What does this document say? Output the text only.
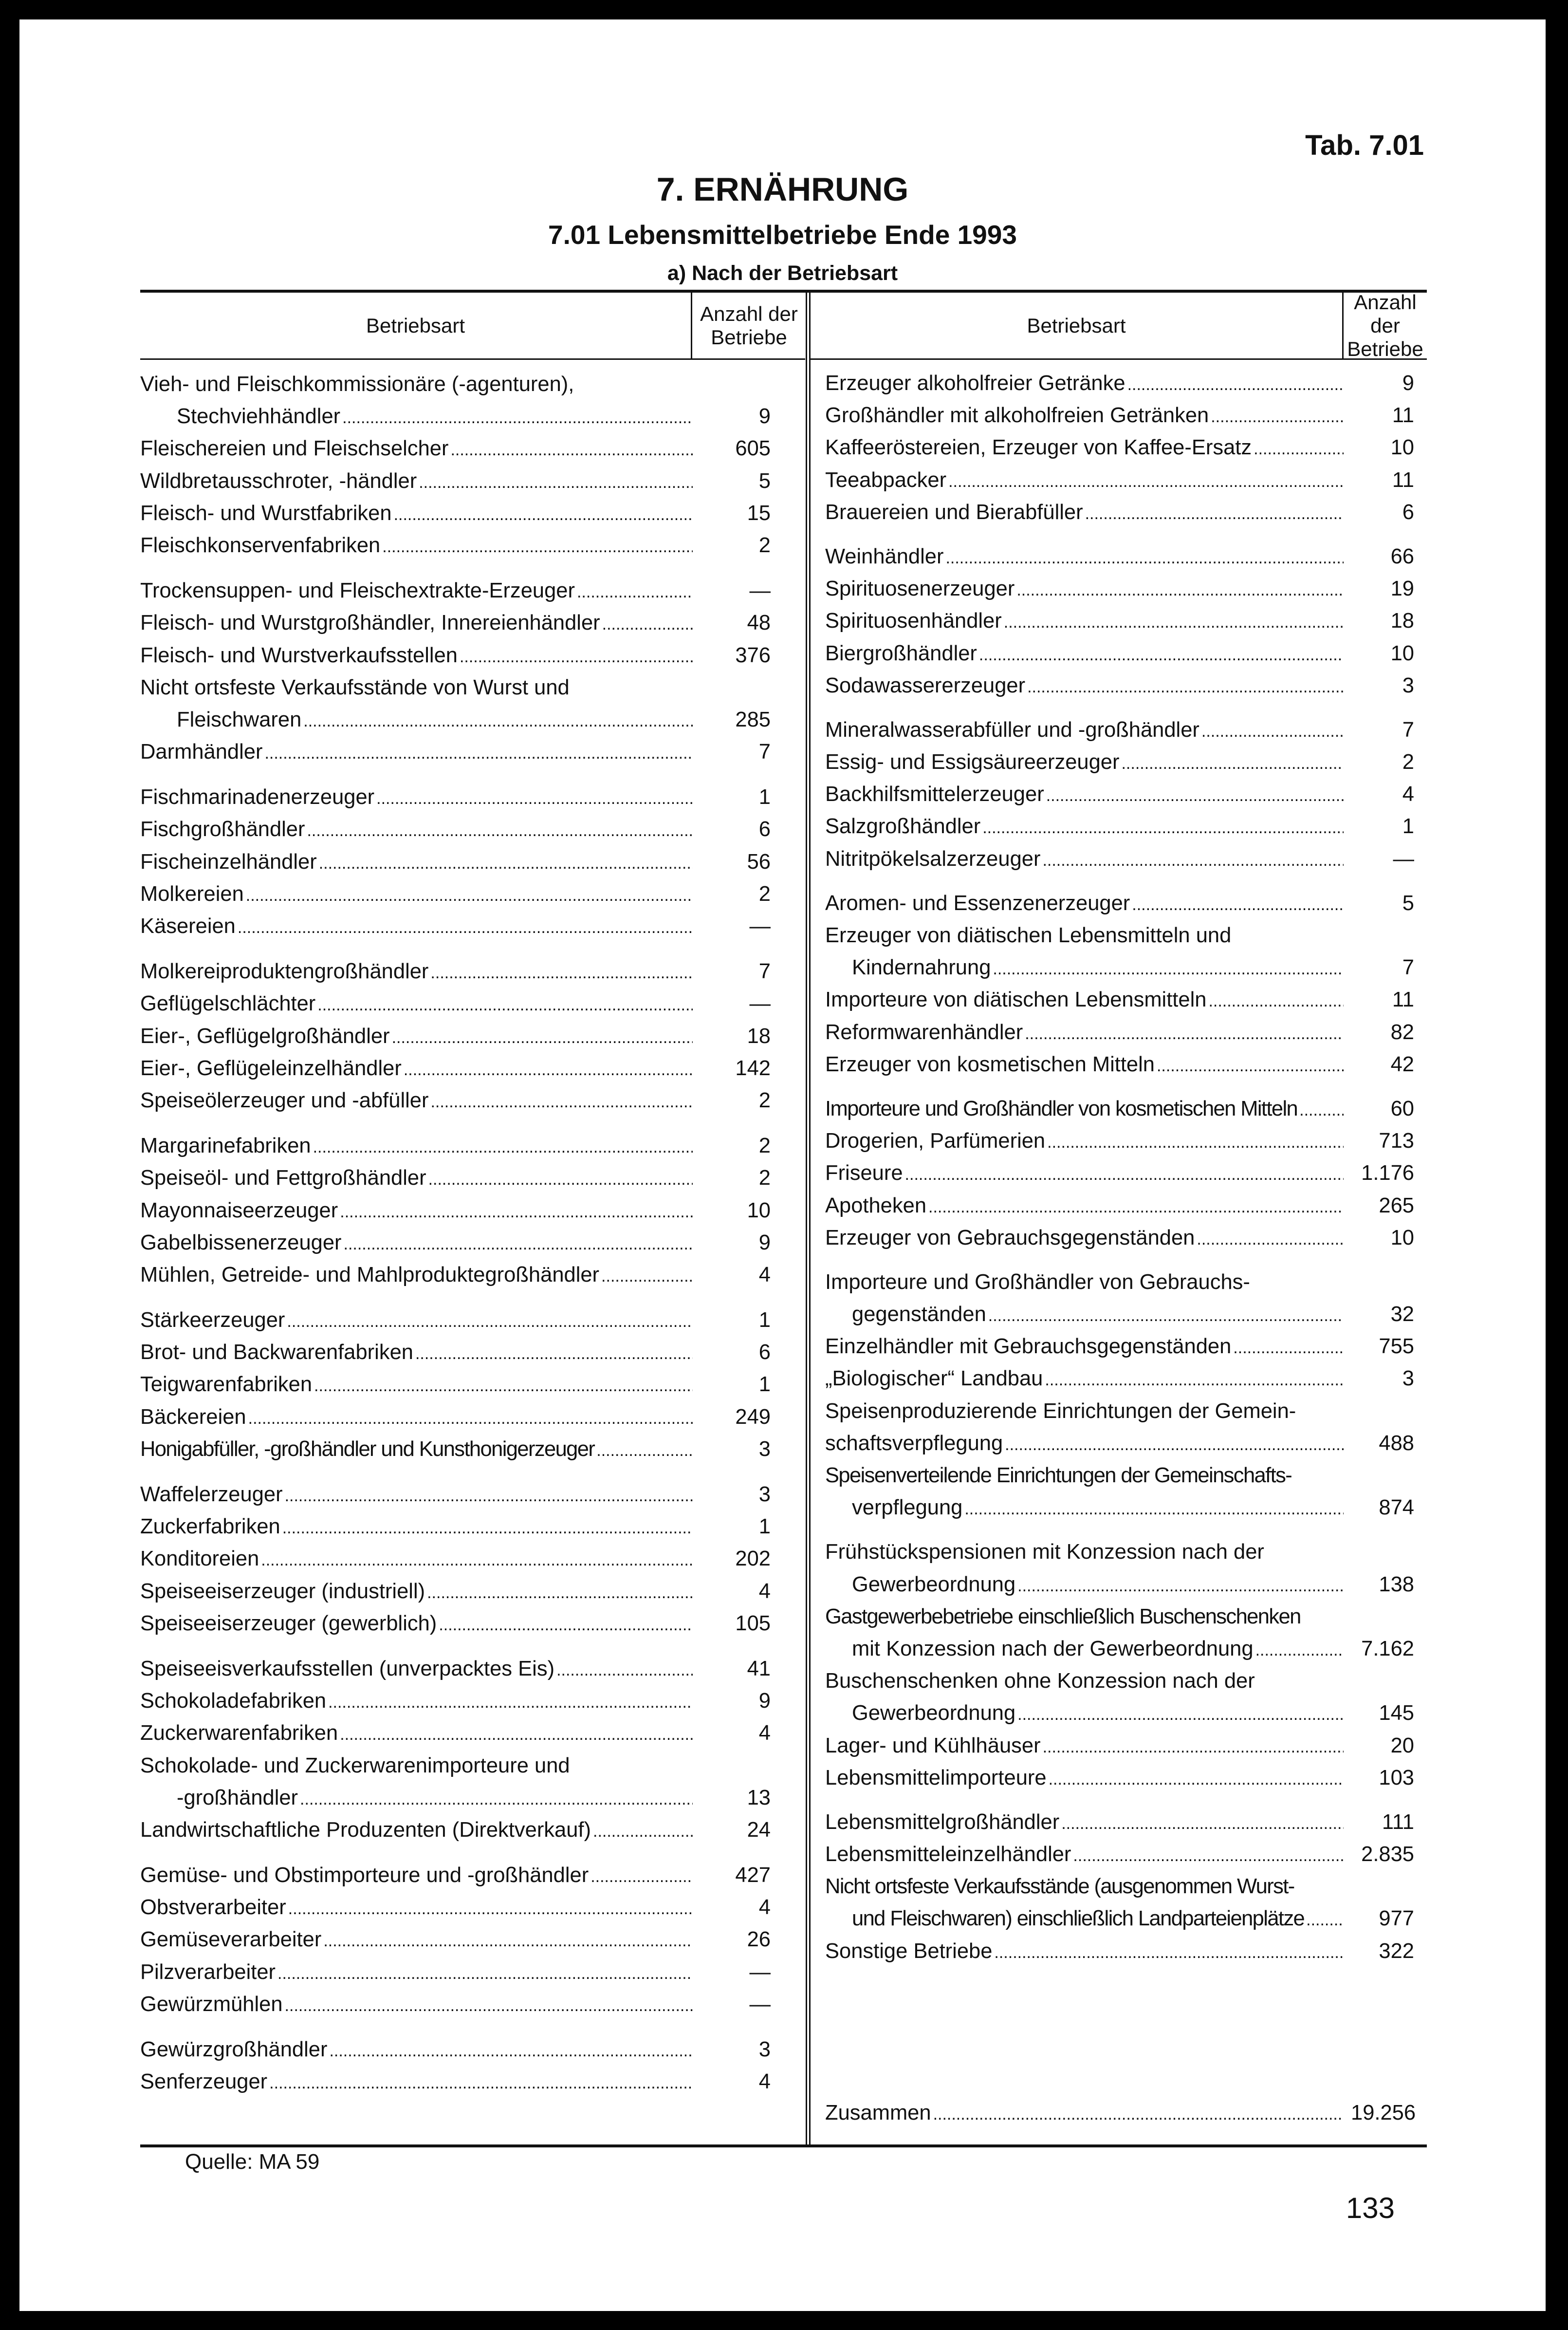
Tab. 7.01
7. ERNÄHRUNG
7.01 Lebensmittelbetriebe Ende 1993
a) Nach der Betriebsart
Betriebsart
Anzahl der
Betriebe
Betriebsart
Anzahl der
Betriebe
Vieh- und Fleischkommissionäre (-agenturen),
Stechviehhändler .....	9
Fleischereien und Fleischselcher .....	605
Wildbretausschroter, -händler .....	5
Fleisch- und Wurstfabriken .....	15
Fleischkonservenfabriken .....	2
Trockensuppen- und Fleischextrakte-Erzeuger .....	—
Fleisch- und Wurstgroßhändler, Innereienhändler .....	48
Fleisch- und Wurstverkaufsstellen .....	376
Nicht ortsfeste Verkaufsstände von Wurst und
Fleischwaren .....	285
Darmhändler .....	7
Fischmarinadenerzeuger .....	1
Fischgroßhändler .....	6
Fischeinzelhändler .....	56
Molkereien .....	2
Käsereien .....	—
Molkereiproduktengroßhändler .....	7
Geflügelschlächter .....	—
Eier-, Geflügelgroßhändler .....	18
Eier-, Geflügeleinzelhändler .....	142
Speiseölerzeuger und -abfüller .....	2
Margarinefabriken .....	2
Speiseöl- und Fettgroßhändler .....	2
Mayonnaiseerzeuger .....	10
Gabelbissenerzeuger .....	9
Mühlen, Getreide- und Mahlproduktegroßhändler .....	4
Stärkeerzeuger .....	1
Brot- und Backwarenfabriken .....	6
Teigwarenfabriken .....	1
Bäckereien .....	249
Honigabfüller, -großhändler und Kunsthonigerzeuger .....	3
Waffelerzeuger .....	3
Zuckerfabriken .....	1
Konditoreien .....	202
Speiseeiserzeuger (industriell) .....	4
Speiseeiserzeuger (gewerblich) .....	105
Speiseeisverkaufsstellen (unverpacktes Eis) .....	41
Schokoladefabriken .....	9
Zuckerwarenfabriken .....	4
Schokolade- und Zuckerwarenimporteure und
-großhändler .....	13
Landwirtschaftliche Produzenten (Direktverkauf) .....	24
Gemüse- und Obstimporteure und -großhändler .....	427
Obstverarbeiter .....	4
Gemüseverarbeiter .....	26
Pilzverarbeiter .....	—
Gewürzmühlen .....	—
Gewürzgroßhändler .....	3
Senferzeuger .....	4
Erzeuger alkoholfreier Getränke .....	9
Großhändler mit alkoholfreien Getränken .....	11
Kaffeeröstereien, Erzeuger von Kaffee-Ersatz .....	10
Teeabpacker .....	11
Brauereien und Bierabfüller .....	6
Weinhändler .....	66
Spirituosenerzeuger .....	19
Spirituosenhändler .....	18
Biergroßhändler .....	10
Sodawassererzeuger .....	3
Mineralwasserabfüller und -großhändler .....	7
Essig- und Essigsäureerzeuger .....	2
Backhilfsmittelerzeuger .....	4
Salzgroßhändler .....	1
Nitritpökelsalzerzeuger .....	—
Aromen- und Essenzenerzeuger .....	5
Erzeuger von diätischen Lebensmitteln und
Kindernahrung .....	7
Importeure von diätischen Lebensmitteln .....	11
Reformwarenhändler .....	82
Erzeuger von kosmetischen Mitteln .....	42
Importeure und Großhändler von kosmetischen Mitteln .....	60
Drogerien, Parfümerien .....	713
Friseure .....	1.176
Apotheken .....	265
Erzeuger von Gebrauchsgegenständen .....	10
Importeure und Großhändler von Gebrauchs-
gegenständen .....	32
Einzelhändler mit Gebrauchsgegenständen .....	755
„Biologischer“ Landbau .....	3
Speisenproduzierende Einrichtungen der Gemein-
schaftsverpflegung .....	488
Speisenverteilende Einrichtungen der Gemeinschafts-
verpflegung .....	874
Frühstückspensionen mit Konzession nach der
Gewerbeordnung .....	138
Gastgewerbebetriebe einschließlich Buschenschenken
mit Konzession nach der Gewerbeordnung .....	7.162
Buschenschenken ohne Konzession nach der
Gewerbeordnung .....	145
Lager- und Kühlhäuser .....	20
Lebensmittelimporteure .....	103
Lebensmittelgroßhändler .....	111
Lebensmitteleinzelhändler .....	2.835
Nicht ortsfeste Verkaufsstände (ausgenommen Wurst-
und Fleischwaren) einschließlich Landparteienplätze .....	977
Sonstige Betriebe .....	322
Zusammen .....	19.256
Quelle: MA 59
133
